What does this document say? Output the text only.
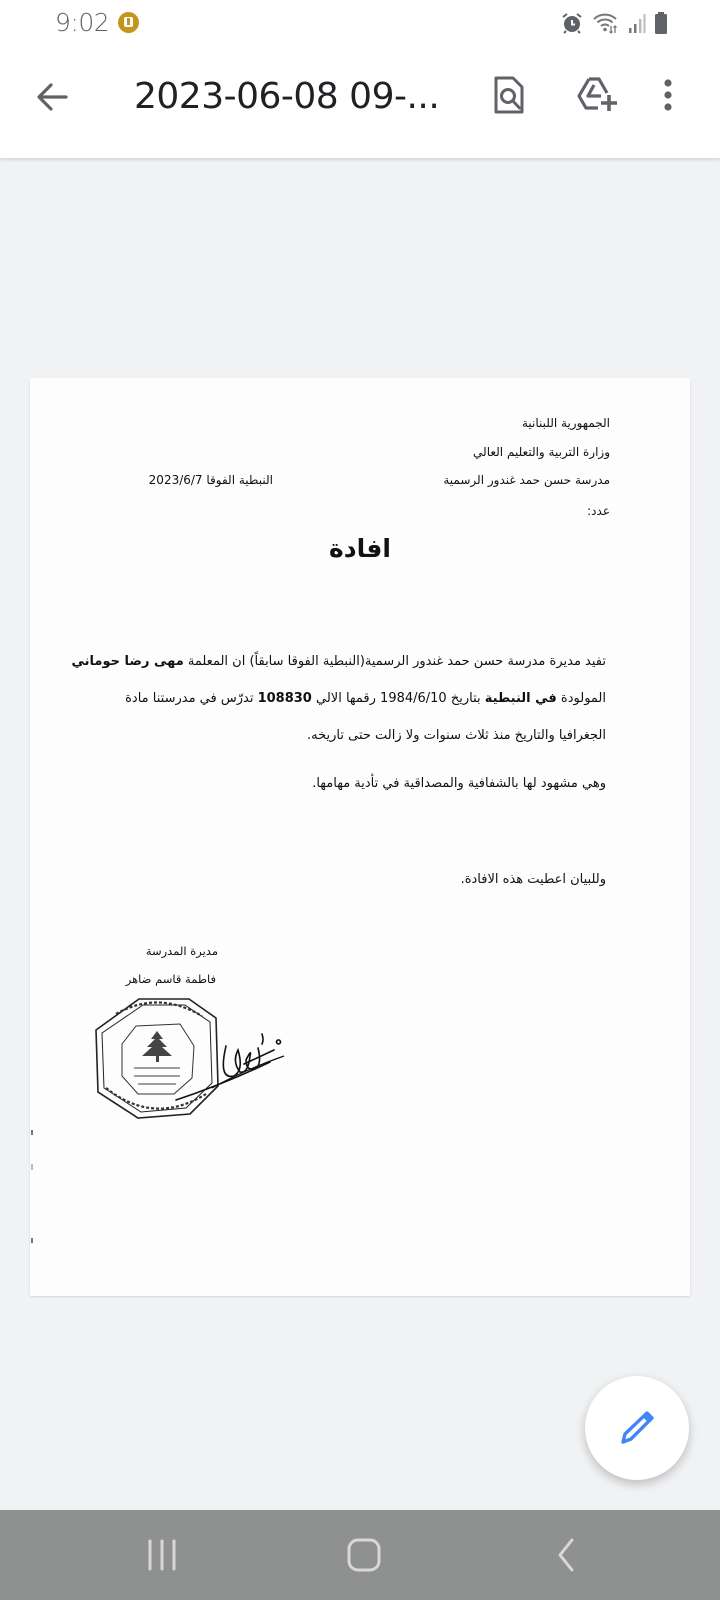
9:02
2023-06-08 09-...
الجمهورية اللبنانية
وزارة التربية والتعليم العالي
مدرسة حسن حمد غندور الرسمية
النبطية الفوقا 2023/6/7
عدد:
افادة
تفيد مديرة مدرسة حسن حمد غندور الرسمية(النبطية الفوقا سابقاً) ان المعلمة مهى رضا حوماني
المولودة في النبطية بتاريخ 1984/6/10 رقمها الالي 108830 تدرّس في مدرستنا مادة
الجغرافيا والتاريخ منذ ثلاث سنوات ولا زالت حتى تاريخه.
وهي مشهود لها بالشفافية والمصداقية في تأدية مهامها.
وللبيان اعطيت هذه الافادة.
مديرة المدرسة
فاطمة قاسم ضاهر
